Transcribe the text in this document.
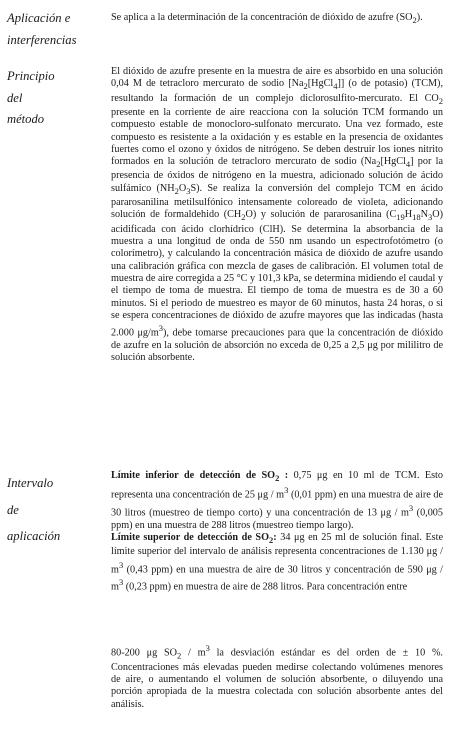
Aplicación e
interferencias
Se aplica a la determinación de la concentración de dióxido de azufre $(SO_2)$.
Principio
del
método
El dióxido de azufre presente en la muestra de aire es absorbido en una solución 0,04 M de tetracloro mercurato de sodio $[Na_2[HgCl_4]]$ (o de potasio) (TCM), resultando la formación de un complejo diclorosulfito-mercurato. El $CO_2$ presente en la corriente de aire reacciona con la solución TCM formando un compuesto estable de monocloro-sulfonato mercurato. Una vez formado, este compuesto es resistente a la oxidación y es estable en la presencia de oxidantes fuertes como el ozono y óxidos de nitrógeno. Se deben destruir los iones nitrito formados en la solución de tetracloro mercurato de sodio ($Na_2[HgCl_4]$ por la presencia de óxidos de nitrógeno en la muestra, adicionado solución de ácido sulfámico $(NH_2O_3S)$. Se realiza la conversión del complejo TCM en ácido pararosanilina metilsulfónico intensamente coloreado de violeta, adicionando solución de formaldehido $(CH_2O)$ y solución de pararosanilina $(C_{19}H_{18}N_3O)$ acidificada con ácido clorhídrico (ClH). Se determina la absorbancia de la muestra a una longitud de onda de 550 nm usando un espectrofotómetro (o colorímetro), y calculando la concentración másica de dióxido de azufre usando una calibración gráfica con mezcla de gases de calibración. El volumen total de muestra de aire corregida a 25 °C y 101,3 kPa, se determina midiendo el caudal y el tiempo de toma de muestra. El tiempo de toma de muestra es de 30 a 60 minutos. Si el periodo de muestreo es mayor de 60 minutos, hasta 24 horas, o si se espera concentraciones de dióxido de azufre mayores que las indicadas (hasta 2.000 $\mu g/m^3$), debe tomarse precauciones para que la concentración de dióxido de azufre en la solución de absorción no exceda de 0,25 a 2,5 μg por mililitro de solución absorbente.
Intervalo
de
aplicación

Límite inferior de detección de $SO_2$ : 0,75 μg en 10 ml de TCM. Esto representa una concentración de 25 μg / $m^3$ (0,01 ppm) en una muestra de aire de 30 litros (muestreo de tiempo corto) y una concentración de 13 μg / $m^3$ (0,005 ppm) en una muestra de 288 litros (muestreo tiempo largo).

Límite superior de detección de $SO_2$: 34 μg en 25 ml de solución final. Este límite superior del intervalo de análisis representa concentraciones de 1.130 μg / $m^3$ (0,43 ppm) en una muestra de aire de 30 litros y concentración de 590 μg / $m^3$ (0,23 ppm) en muestra de aire de 288 litros. Para concentración entre

80-200 μg $SO_2 / m^3$ la desviación estándar es del orden de ± 10 %. Concentraciones más elevadas pueden medirse colectando volúmenes menores de aire, o aumentando el volumen de solución absorbente, o diluyendo una porción apropiada de la muestra colectada con solución absorbente antes del análisis.
